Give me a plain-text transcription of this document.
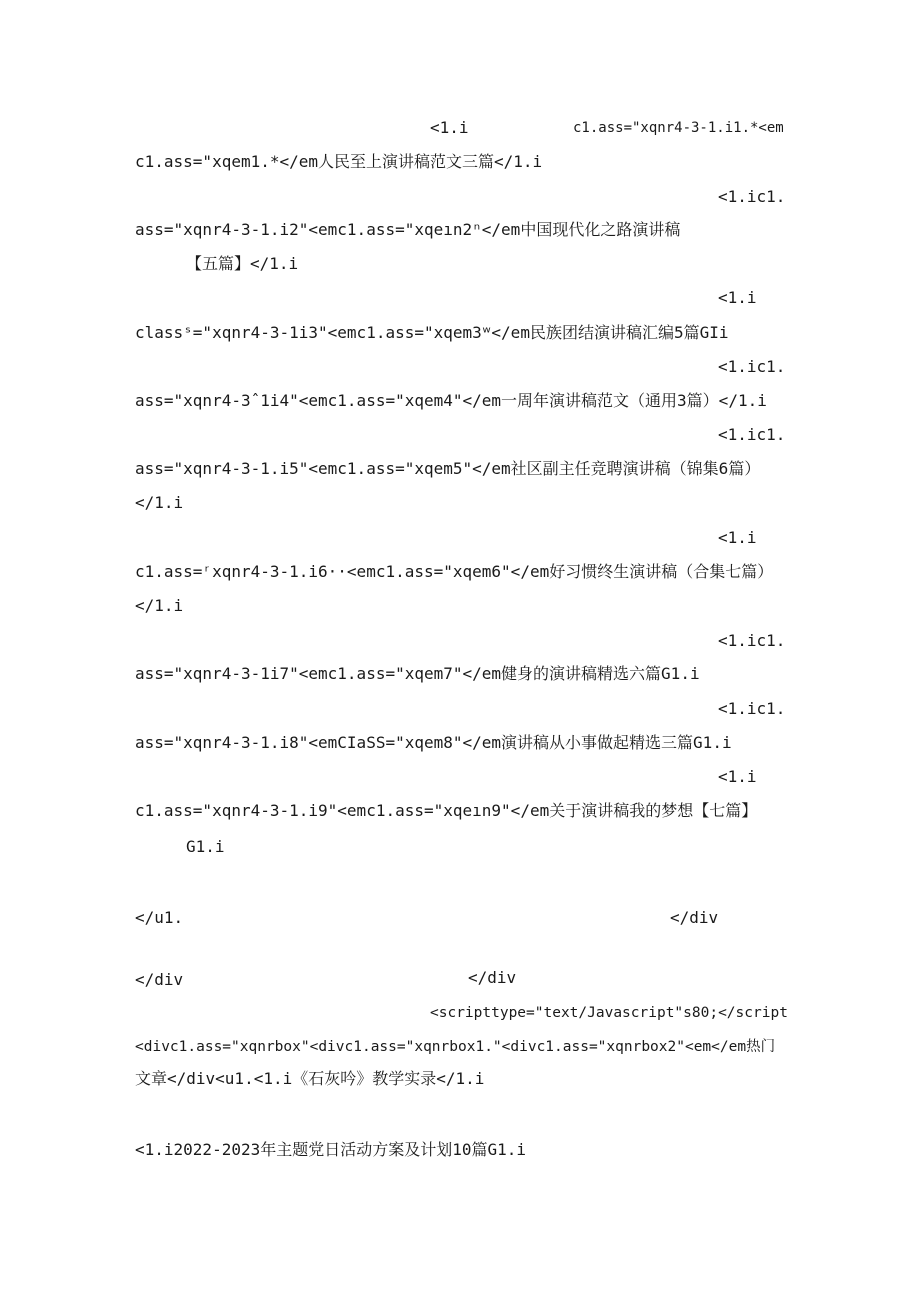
<1.i	c1.ass="xqnr4-3-1.i1.*<em
c1.ass="xqem1.*</em人民至上演讲稿范文三篇</1.i
<1.ic1.
ass="xqnr4-3-1.i2"<emc1.ass="xqeın2ⁿ</em中国现代化之路演讲稿
【五篇】</1.i
<1.i
classˢ="xqnr4-3-1i3"<emc1.ass="xqem3ʷ</em民族团结演讲稿汇编5篇GIi
<1.ic1.
ass="xqnr4-3ˆ1i4"<emc1.ass="xqem4"</em一周年演讲稿范文（通用3篇）</1.i
<1.ic1.
ass="xqnr4-3-1.i5"<emc1.ass="xqem5"</em社区副主任竞聘演讲稿（锦集6篇）
</1.i
<1.i
c1.ass=ʳxqnr4-3-1.i6··<emc1.ass="xqem6"</em好习惯终生演讲稿（合集七篇）
</1.i
<1.ic1.
ass="xqnr4-3-1i7"<emc1.ass="xqem7"</em健身的演讲稿精选六篇G1.i
<1.ic1.
ass="xqnr4-3-1.i8"<emCIaSS="xqem8"</em演讲稿从小事做起精选三篇G1.i
<1.i
c1.ass="xqnr4-3-1.i9"<emc1.ass="xqeın9"</em关于演讲稿我的梦想【七篇】
G1.i
</u1.	</div
</div	</div
<scripttype="text/Javascript"s80;</script
<divc1.ass="xqnrbox"<divc1.ass="xqnrbox1."<divc1.ass="xqnrbox2"<em</em热门
文章</div<u1.<1.i《石灰吟》教学实录</1.i
<1.i2022-2023年主题党日活动方案及计划10篇G1.i
